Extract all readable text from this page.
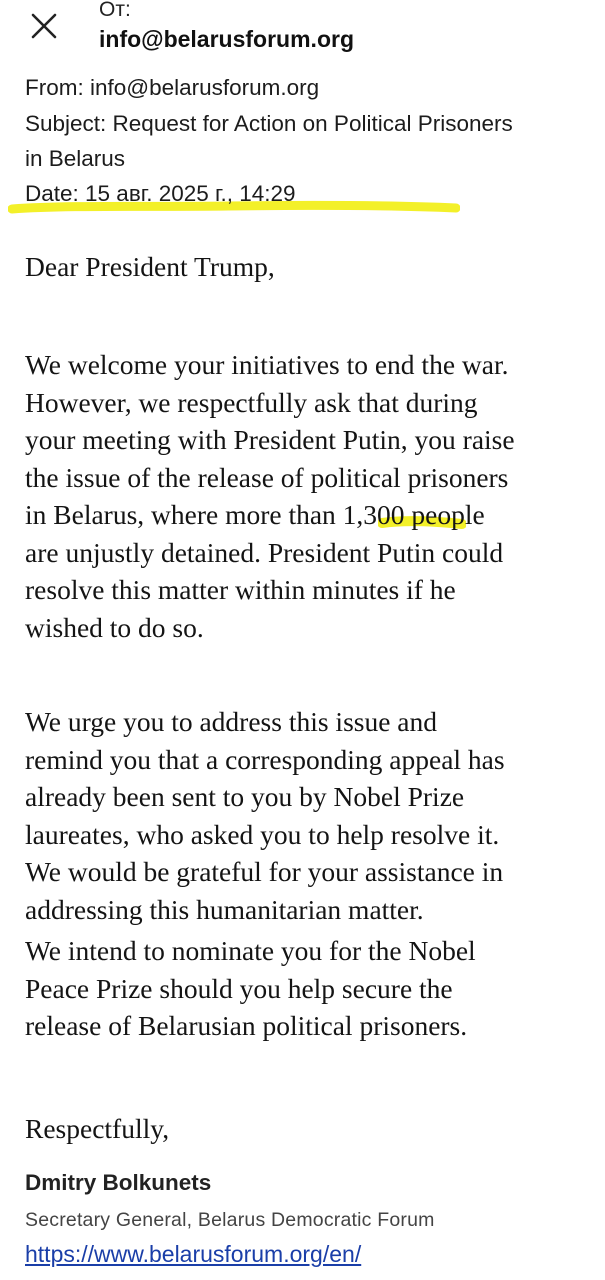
От:
info@belarusforum.org
From: info@belarusforum.org
Subject: Request for Action on Political Prisoners
in Belarus
Date: 15 авг. 2025 г., 14:29
Dear President Trump,
We welcome your initiatives to end the war.
However, we respectfully ask that during
your meeting with President Putin, you raise
the issue of the release of political prisoners
in Belarus, where more than 1,300 people
are unjustly detained. President Putin could
resolve this matter within minutes if he
wished to do so.
We urge you to address this issue and
remind you that a corresponding appeal has
already been sent to you by Nobel Prize
laureates, who asked you to help resolve it.
We would be grateful for your assistance in
addressing this humanitarian matter.
We intend to nominate you for the Nobel
Peace Prize should you help secure the
release of Belarusian political prisoners.
Respectfully,
Dmitry Bolkunets
Secretary General, Belarus Democratic Forum
https://www.belarusforum.org/en/
